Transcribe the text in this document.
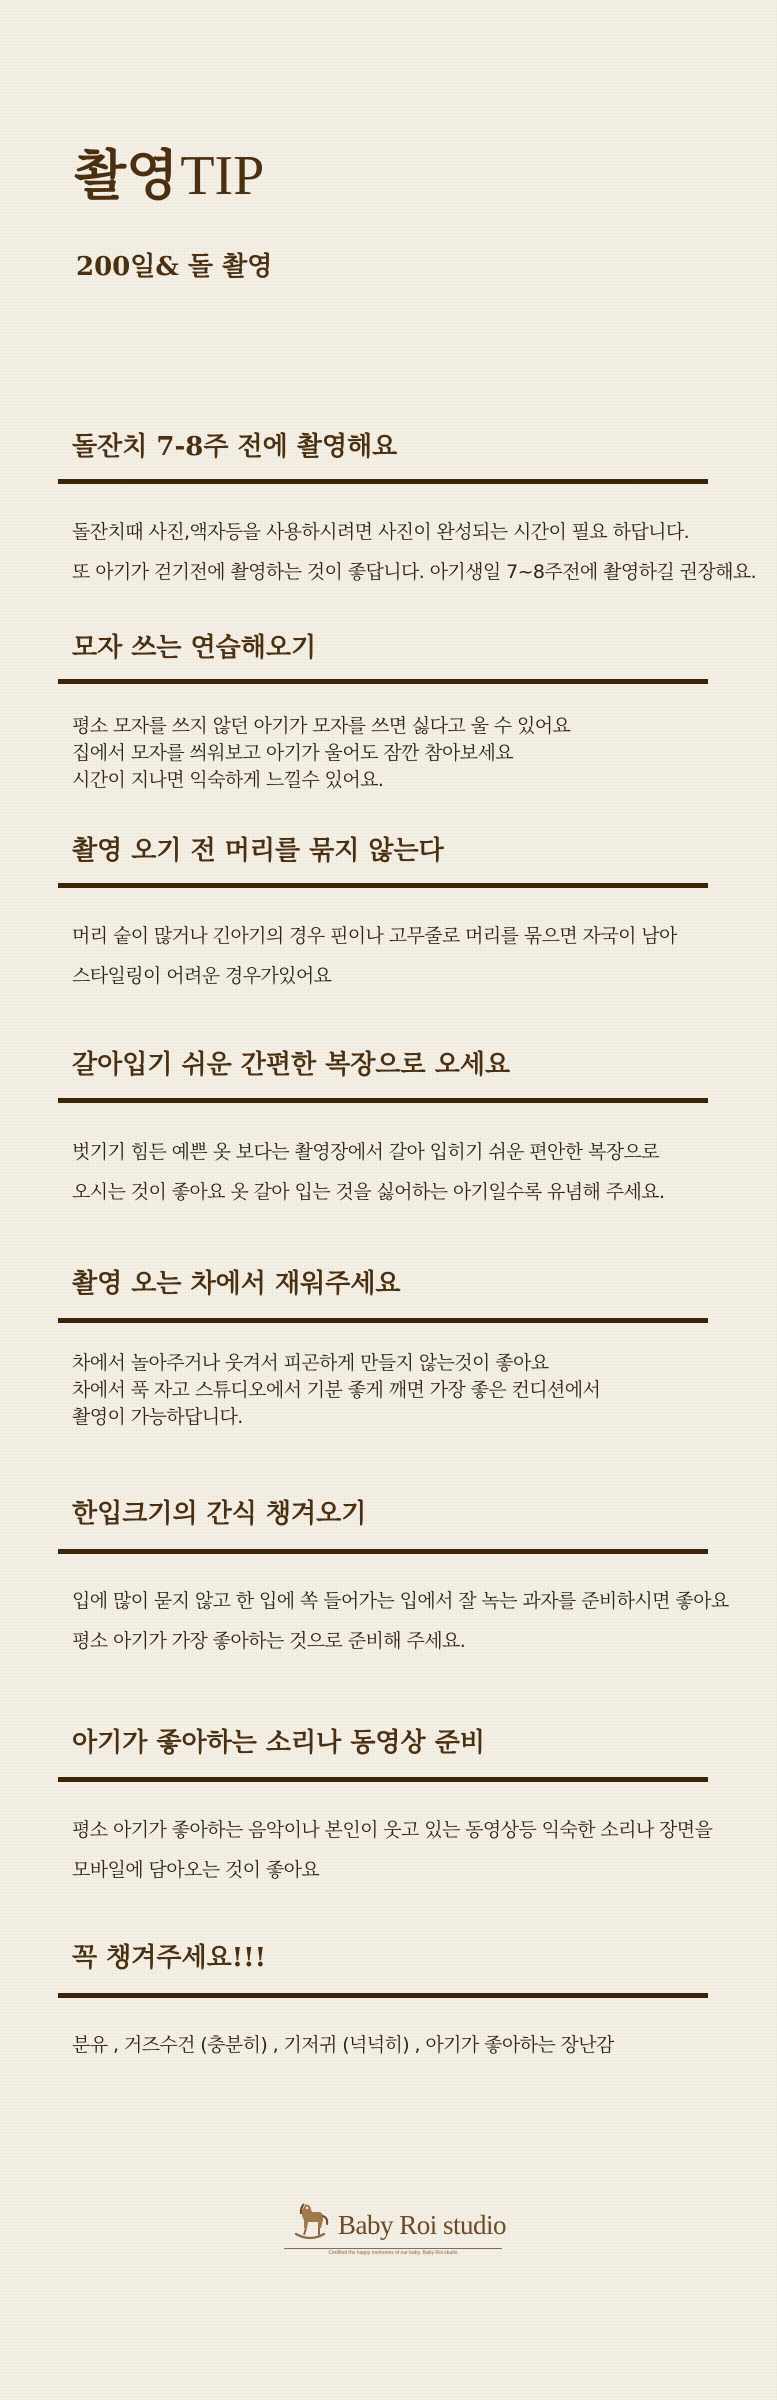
촬영TIP
200일& 돌 촬영
돌잔치 7-8주 전에 촬영해요

돌잔치때 사진,액자등을 사용하시려면 사진이 완성되는 시간이 필요 하답니다.
또 아기가 걷기전에 촬영하는 것이 좋답니다. 아기생일 7~8주전에 촬영하길 권장해요.

모자 쓰는 연습해오기

평소 모자를 쓰지 않던 아기가 모자를 쓰면 싫다고 울 수 있어요
집에서 모자를 씌워보고 아기가 울어도 잠깐 참아보세요
시간이 지나면 익숙하게 느낄수 있어요.

촬영 오기 전 머리를 묶지 않는다

머리 숱이 많거나 긴아기의 경우 핀이나 고무줄로 머리를 묶으면 자국이 남아
스타일링이 어려운 경우가있어요

갈아입기 쉬운 간편한 복장으로 오세요

벗기기 힘든 예쁜 옷 보다는 촬영장에서 갈아 입히기 쉬운 편안한 복장으로
오시는 것이 좋아요 옷 갈아 입는 것을 싫어하는 아기일수록 유념해 주세요.

촬영 오는 차에서 재워주세요

차에서 놀아주거나 웃겨서 피곤하게 만들지 않는것이 좋아요
차에서 푹 자고 스튜디오에서 기분 좋게 깨면 가장 좋은 컨디션에서
촬영이 가능하답니다.

한입크기의 간식 챙겨오기

입에 많이 묻지 않고 한 입에 쏙 들어가는 입에서 잘 녹는 과자를 준비하시면 좋아요
평소 아기가 가장 좋아하는 것으로 준비해 주세요.

아기가 좋아하는 소리나 동영상 준비

평소 아기가 좋아하는 음악이나 본인이 웃고 있는 동영상등 익숙한 소리나 장면을
모바일에 담아오는 것이 좋아요

꼭 챙겨주세요!!!

분유 , 거즈수건 (충분히) , 기저귀 (넉넉히) , 아기가 좋아하는 장난감

Baby Roi studio
Certified the happy memories of our baby. Baby Roi studio
